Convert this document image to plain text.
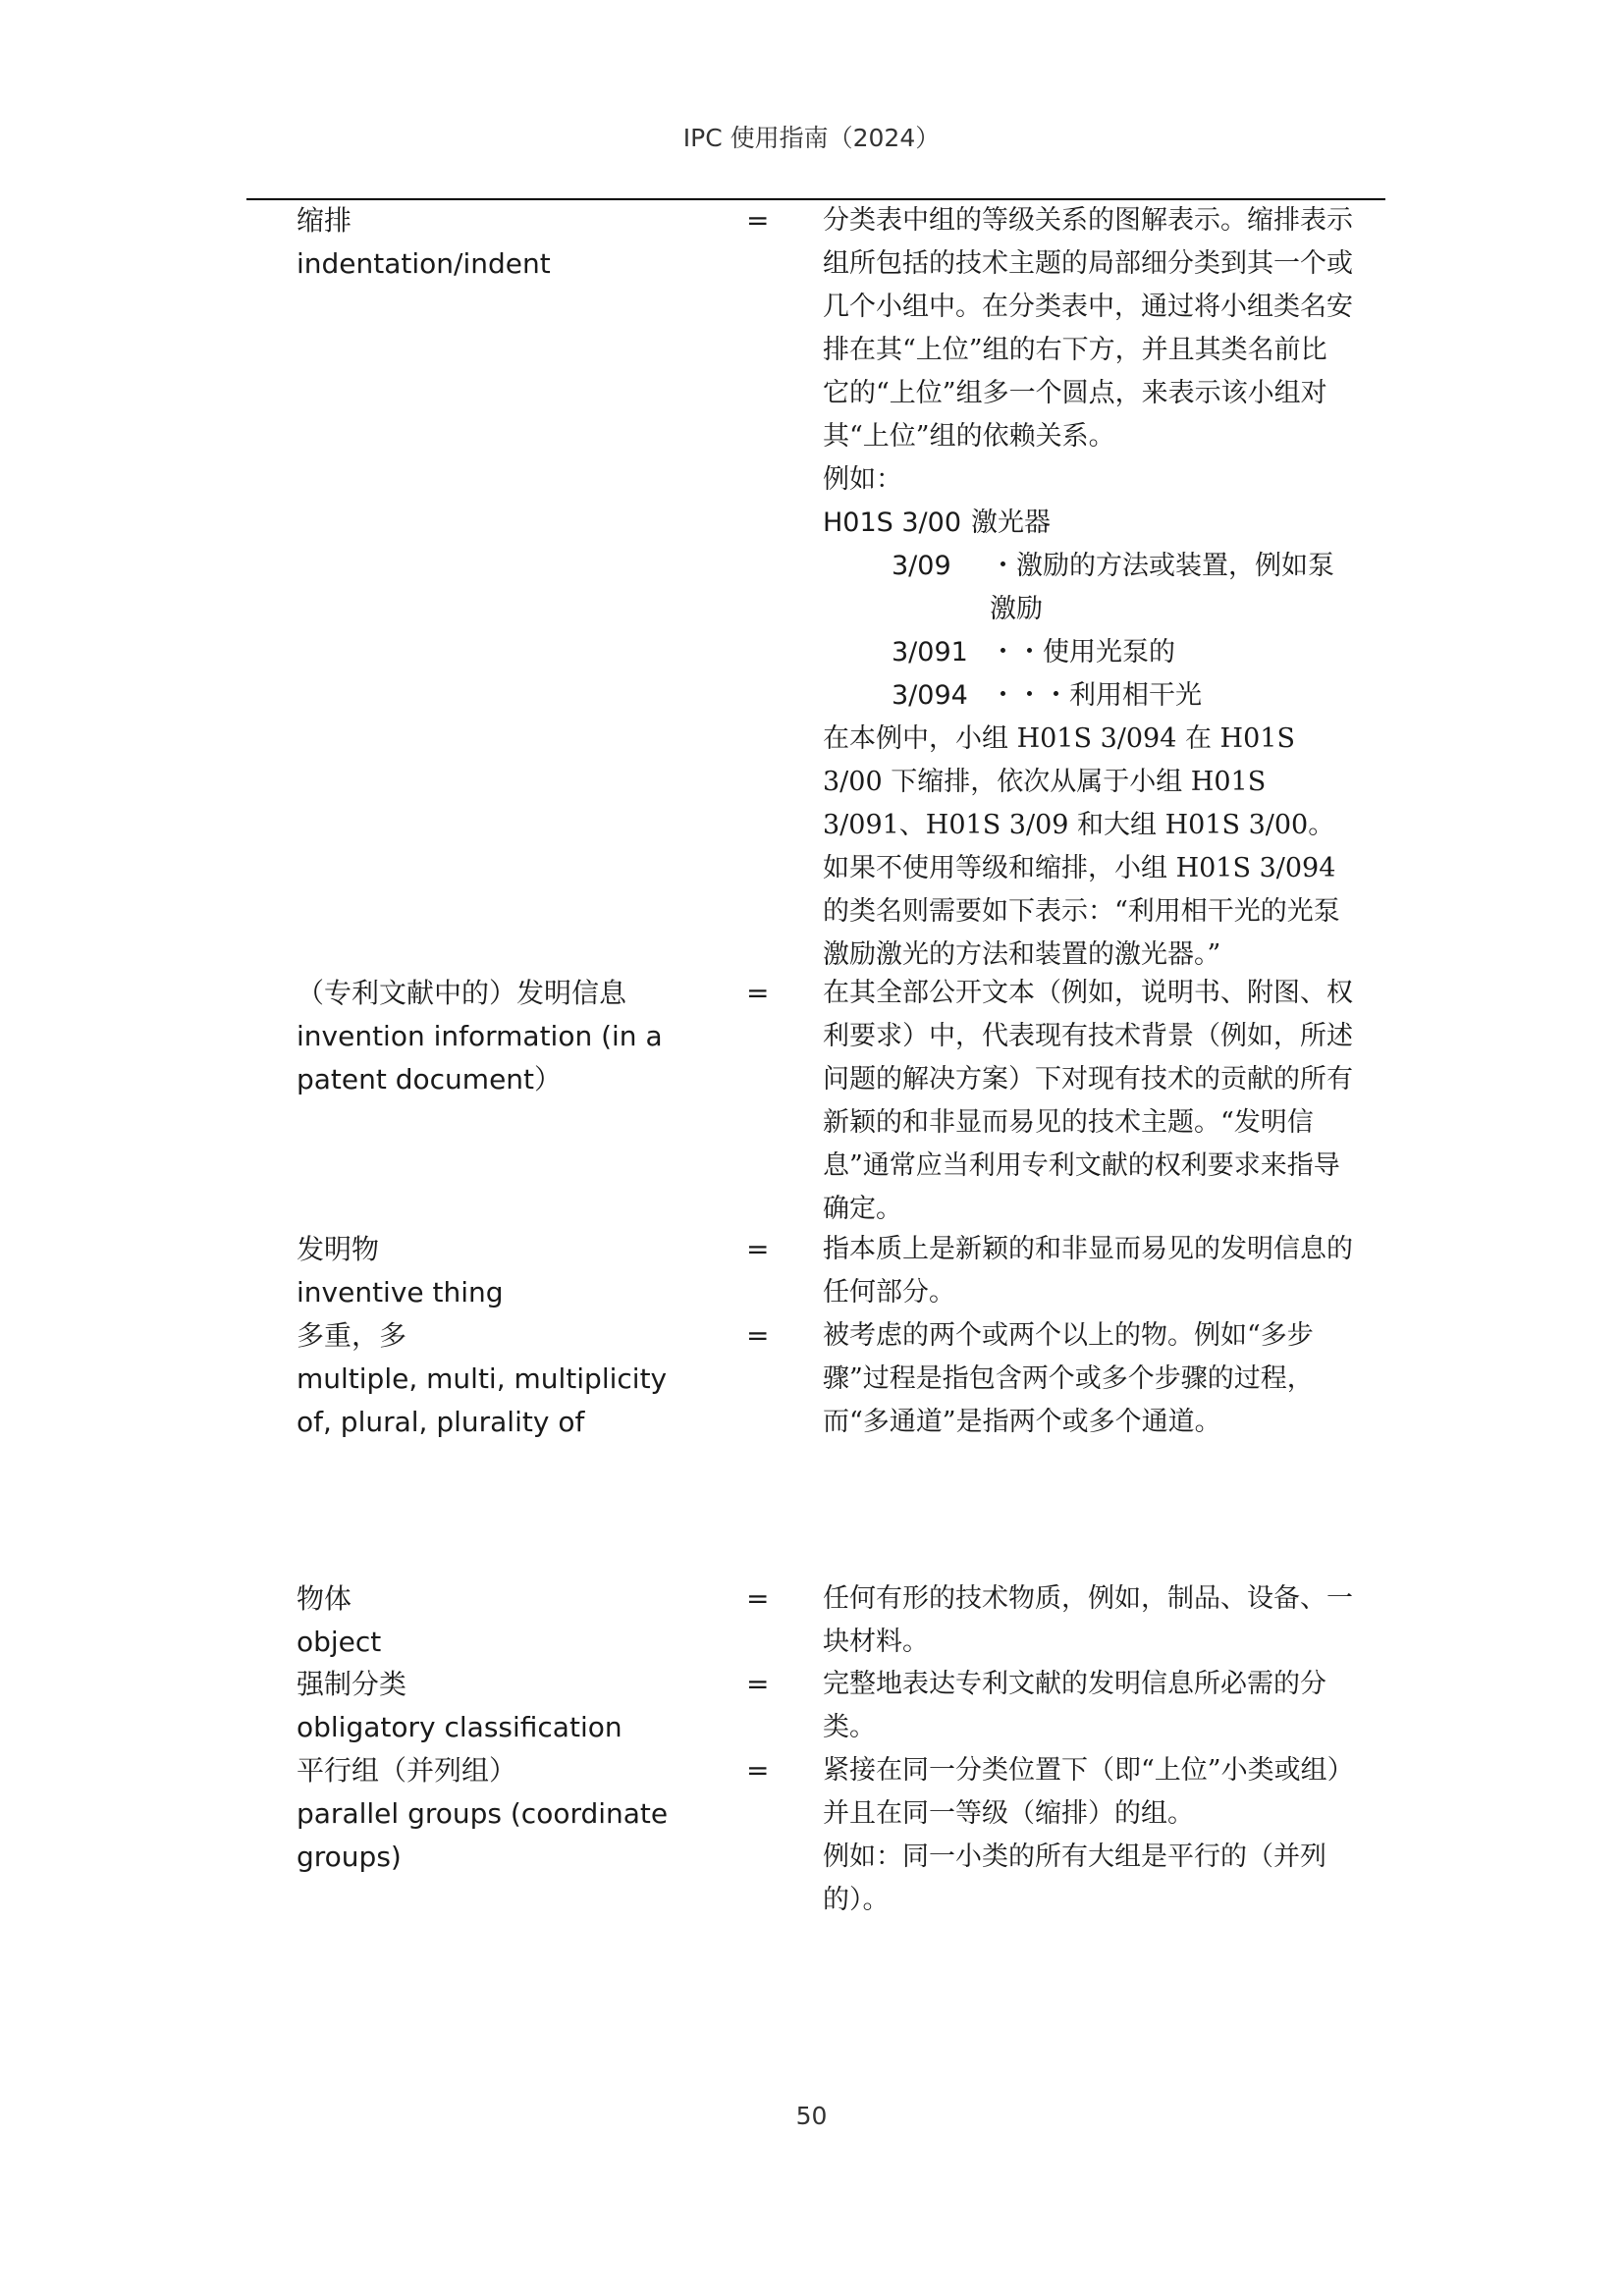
IPC 使用指南（2024）
缩排
indentation/indent
= 分类表中组的等级关系的图解表示。缩排表示组所包括的技术主题的局部细分类到其一个或几个小组中。在分类表中，通过将小组类名安排在其“上位”组的右下方，并且其类名前比它的“上位”组多一个圆点，来表示该小组对其“上位”组的依赖关系。

例如：

H01S 3/00 激光器
3/09	・激励的方法或装置，例如泵激励
3/091 ・・使用光泵的
3/094 ・・・利用相干光

在本例中，小组 H01S 3/094 在 H01S 3/00 下缩排，依次从属于小组 H01S 3/091、H01S 3/09 和大组 H01S 3/00。如果不使用等级和缩排，小组 H01S 3/094 的类名则需要如下表示：“利用相干光的光泵激励激光的方法和装置的激光器。”

（专利文献中的）发明信息
invention information (in a patent document）
= 在其全部公开文本（例如，说明书、附图、权利要求）中，代表现有技术背景（例如，所述问题的解决方案）下对现有技术的贡献的所有新颖的和非显而易见的技术主题。“发明信息”通常应当利用专利文献的权利要求来指导确定。

发明物
inventive thing
= 指本质上是新颖的和非显而易见的发明信息的任何部分。

多重，多
multiple, multi, multiplicity of, plural, plurality of
= 被考虑的两个或两个以上的物。例如“多步骤”过程是指包含两个或多个步骤的过程，而“多通道”是指两个或多个通道。

物体
object
= 任何有形的技术物质，例如，制品、设备、一块材料。

强制分类
obligatory classification
= 完整地表达专利文献的发明信息所必需的分类。

平行组（并列组）
parallel groups (coordinate groups)
= 紧接在同一分类位置下（即“上位”小类或组）并且在同一等级（缩排）的组。

例如：同一小类的所有大组是平行的（并列的）。

50
